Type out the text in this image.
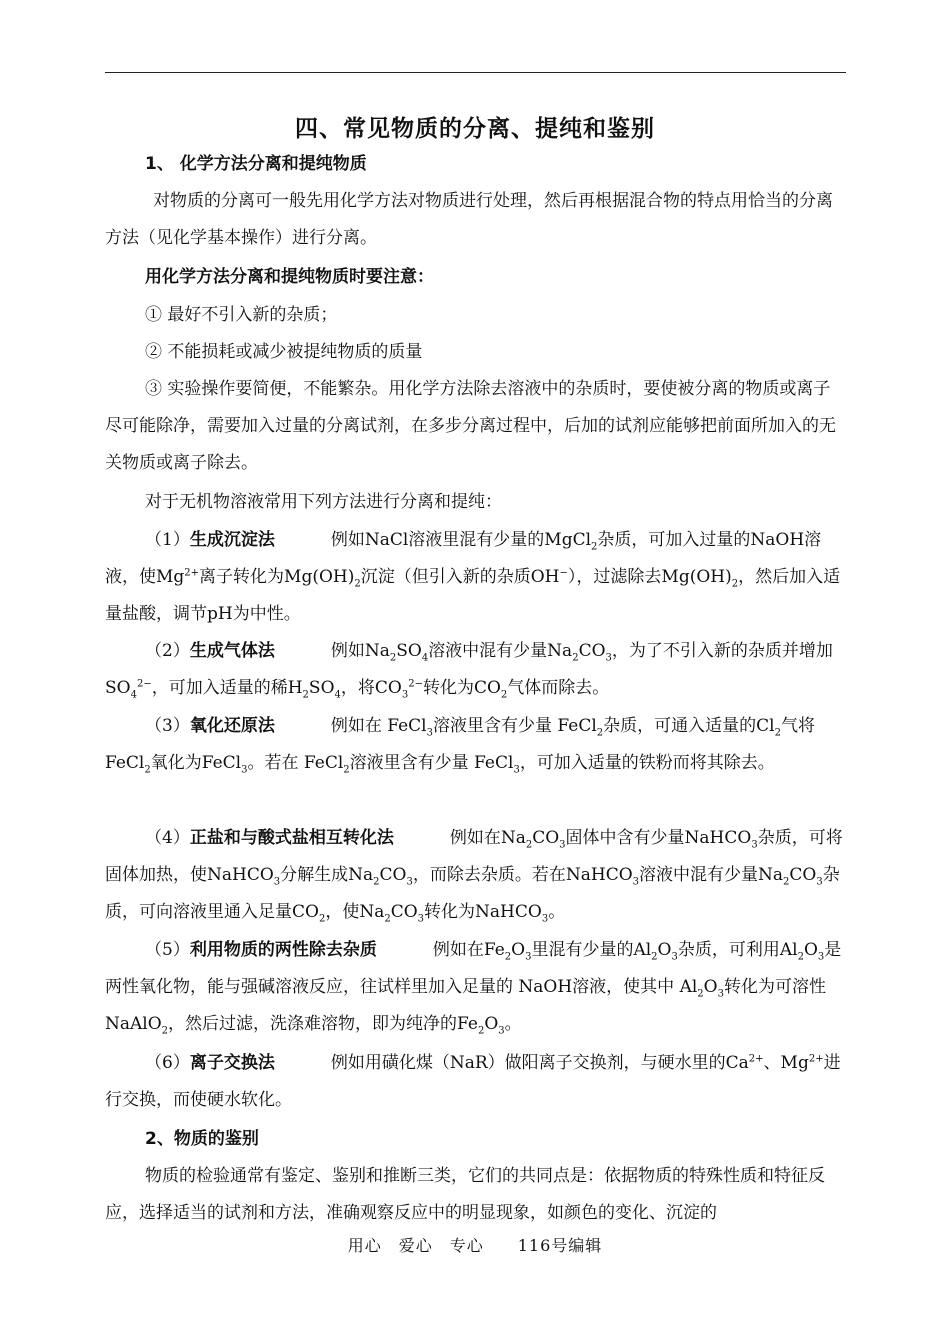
四、常见物质的分离、提纯和鉴别
1、 化学方法分离和提纯物质
对物质的分离可一般先用化学方法对物质进行处理，然后再根据混合物的特点用恰当的分离方法（见化学基本操作）进行分离。
用化学方法分离和提纯物质时要注意：
① 最好不引入新的杂质；
② 不能损耗或减少被提纯物质的质量
③ 实验操作要简便，不能繁杂。用化学方法除去溶液中的杂质时，要使被分离的物质或离子尽可能除净，需要加入过量的分离试剂，在多步分离过程中，后加的试剂应能够把前面所加入的无关物质或离子除去。
对于无机物溶液常用下列方法进行分离和提纯：
（1）生成沉淀法	例如NaCl溶液里混有少量的MgCl$_2$杂质，可加入过量的NaOH溶液，使$Mg^{2+}$离子转化为$Mg(OH)_2$沉淀（但引入新的杂质OH−），过滤除去$Mg(OH)_2$，然后加入适量盐酸，调节pH为中性。
（2）生成气体法	例如$Na_2SO_4$溶液中混有少量$Na_2CO_3$，为了不引入新的杂质并增加$SO_4^{2-}$，可加入适量的稀$H_2SO_4$，将$CO_3^{2-}$转化为$CO_2$气体而除去。
（3）氧化还原法	例如在 FeCl$_3$溶液里含有少量 FeCl$_2$杂质，可通入适量的$Cl_2$气将FeCl$_2$氧化为FeCl$_3$。若在 FeCl$_2$溶液里含有少量 FeCl$_3$，可加入适量的铁粉而将其除去。
（4）正盐和与酸式盐相互转化法	例如在$Na_2CO_3$固体中含有少量NaHCO$_3$杂质，可将固体加热，使NaHCO$_3$分解生成$Na_2CO_3$，而除去杂质。若在NaHCO$_3$溶液中混有少量$Na_2CO_3$杂质，可向溶液里通入足量$CO_2$，使$Na_2CO_3$转化为NaHCO$_3$。
（5）利用物质的两性除去杂质	例如在$Fe_2O_3$里混有少量的$Al_2O_3$杂质，可利用$Al_2O_3$是两性氧化物，能与强碱溶液反应，往试样里加入足量的 NaOH溶液，使其中 $Al_2O_3$转化为可溶性 NaAlO$_2$，然后过滤，洗涤难溶物，即为纯净的$Fe_2O_3$。
（6）离子交换法	例如用磺化煤（NaR）做阳离子交换剂，与硬水里的$Ca^{2+}$、$Mg^{2+}$进行交换，而使硬水软化。
2、物质的鉴别
物质的检验通常有鉴定、鉴别和推断三类，它们的共同点是：依据物质的特殊性质和特征反应，选择适当的试剂和方法，准确观察反应中的明显现象，如颜色的变化、沉淀的
用心　爱心　专心　　116号编辑
